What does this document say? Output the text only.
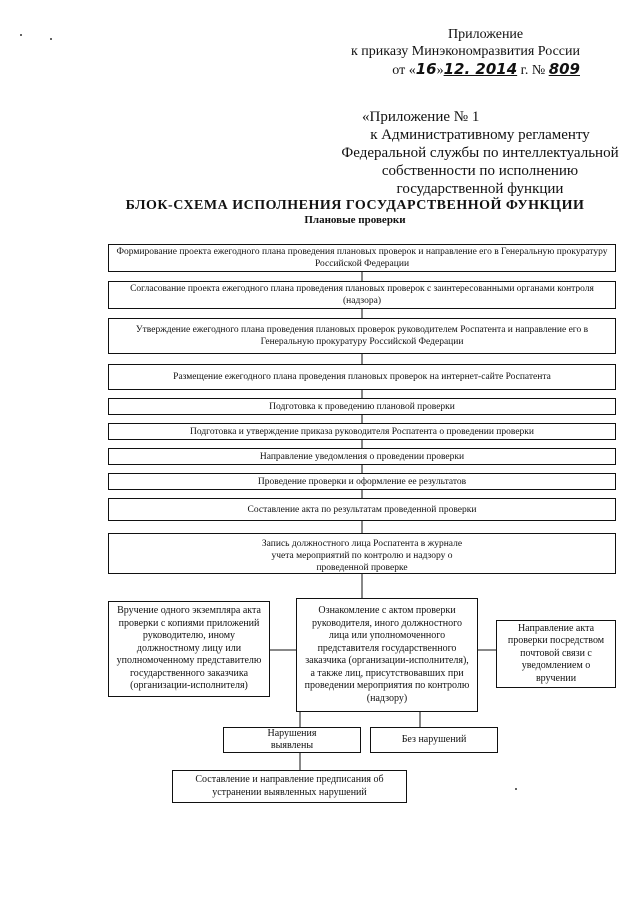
Приложение
к приказу Минэкономразвития России
от «16»12. 2014 г. № 809
«Приложение № 1
к Административному регламенту
Федеральной службы по интеллектуальной
собственности по исполнению
государственной функции
БЛОК-СХЕМА ИСПОЛНЕНИЯ ГОСУДАРСТВЕННОЙ ФУНКЦИИ
Плановые проверки
Формирование проекта ежегодного плана проведения плановых проверок и направление его в Генеральную прокуратуру Российской Федерации
Согласование проекта ежегодного плана проведения плановых проверок с заинтересованными органами контроля (надзора)
Утверждение ежегодного плана проведения плановых проверок руководителем Роспатента и направление его в Генеральную прокуратуру Российской Федерации
Размещение ежегодного плана проведения плановых проверок на интернет-сайте Роспатента
Подготовка к проведению плановой проверки
Подготовка и утверждение приказа руководителя Роспатента о проведении проверки
Направление уведомления о проведении проверки
Проведение проверки и оформление ее результатов
Составление акта по результатам проведенной проверки
Запись должностного лица Роспатента в журнале учета мероприятий по контролю и надзору о проведенной проверке
Вручение одного экземпляра акта проверки с копиями приложений руководителю, иному должностному лицу или уполномоченному представителю государственного заказчика (организации-исполнителя)
Ознакомление с актом проверки руководителя, иного должностного лица или уполномоченного представителя государственного заказчика (организации-исполнителя), а также лиц, присутствовавших при проведении мероприятия по контролю (надзору)
Направление акта проверки посредством почтовой связи с уведомлением о вручении
Нарушения выявлены
Без нарушений
Составление и направление предписания об устранении выявленных нарушений
